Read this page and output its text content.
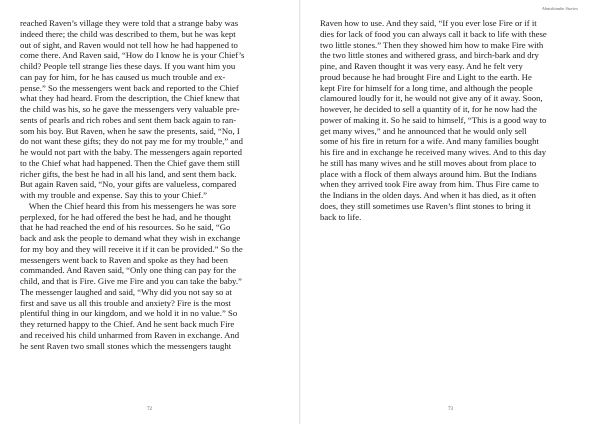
reached Raven’s village they were told that a strange baby was
indeed there; the child was described to them, but he was kept
out of sight, and Raven would not tell how he had happened to
come there. And Raven said, “How do I know he is your Chief’s
child? People tell strange lies these days. If you want him you
can pay for him, for he has caused us much trouble and ex-
pense.” So the messengers went back and reported to the Chief
what they had heard. From the description, the Chief knew that
the child was his, so he gave the messengers very valuable pre-
sents of pearls and rich robes and sent them back again to ran-
som his boy. But Raven, when he saw the presents, said, “No, I
do not want these gifts; they do not pay me for my trouble,” and
he would not part with the baby. The messengers again reported
to the Chief what had happened. Then the Chief gave them still
richer gifts, the best he had in all his land, and sent them back.
But again Raven said, “No, your gifts are valueless, compared
with my trouble and expense. Say this to your Chief.”
When the Chief heard this from his messengers he was sore
perplexed, for he had offered the best he had, and he thought
that he had reached the end of his resources. So he said, “Go
back and ask the people to demand what they wish in exchange
for my boy and they will receive it if it can be provided.” So the
messengers went back to Raven and spoke as they had been
commanded. And Raven said, “Only one thing can pay for the
child, and that is Fire. Give me Fire and you can take the baby.”
The messenger laughed and said, “Why did you not say so at
first and save us all this trouble and anxiety? Fire is the most
plentiful thing in our kingdom, and we hold it in no value.” So
they returned happy to the Chief. And he sent back much Fire
and received his child unharmed from Raven in exchange. And
he sent Raven two small stones which the messengers taught

72
Ahnishinabe Stories

Raven how to use. And they said, “If you ever lose Fire or if it
dies for lack of food you can always call it back to life with these
two little stones.” Then they showed him how to make Fire with
the two little stones and withered grass, and birch-bark and dry
pine, and Raven thought it was very easy. And he felt very
proud because he had brought Fire and Light to the earth. He
kept Fire for himself for a long time, and although the people
clamoured loudly for it, he would not give any of it away. Soon,
however, he decided to sell a quantity of it, for he now had the
power of making it. So he said to himself, “This is a good way to
get many wives,” and he announced that he would only sell
some of his fire in return for a wife. And many families bought
his fire and in exchange he received many wives. And to this day
he still has many wives and he still moves about from place to
place with a flock of them always around him. But the Indians
when they arrived took Fire away from him. Thus Fire came to
the Indians in the olden days. And when it has died, as it often
does, they still sometimes use Raven’s flint stones to bring it
back to life.

73
